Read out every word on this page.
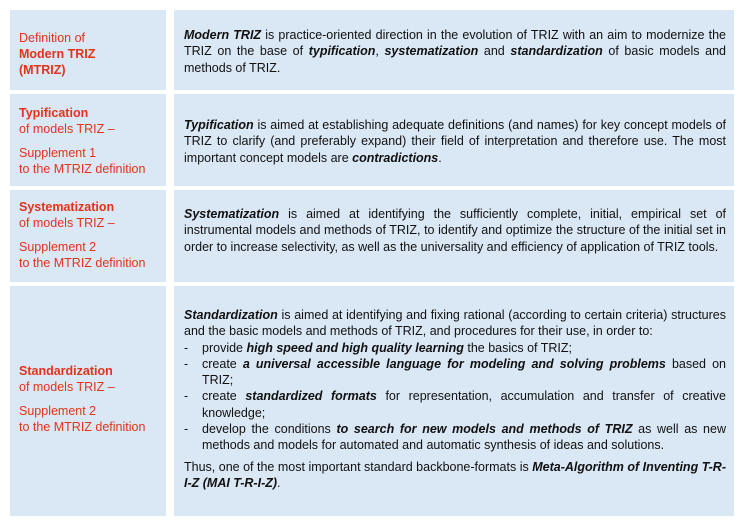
Definition of
Modern TRIZ
(MTRIZ)
Modern TRIZ is practice-oriented direction in the evolution of TRIZ with an aim to modernize the TRIZ on the base of typification, systematization and standardization of basic models and methods of TRIZ.
Typification
of models TRIZ –
Supplement 1
to the MTRIZ definition
Typification is aimed at establishing adequate definitions (and names) for key concept models of TRIZ to clarify (and preferably expand) their field of interpretation and therefore use. The most important concept models are contradictions.
Systematization
of models TRIZ –
Supplement 2
to the MTRIZ definition
Systematization is aimed at identifying the sufficiently complete, initial, empirical set of instrumental models and methods of TRIZ, to identify and optimize the structure of the initial set in order to increase selectivity, as well as the universality and efficiency of application of TRIZ tools.
Standardization
of models TRIZ –
Supplement 2
to the MTRIZ definition
Standardization is aimed at identifying and fixing rational (according to certain criteria) structures and the basic models and methods of TRIZ, and procedures for their use, in order to:
- provide high speed and high quality learning the basics of TRIZ;
- create a universal accessible language for modeling and solving problems based on TRIZ;
- create standardized formats for representation, accumulation and transfer of creative knowledge;
- develop the conditions to search for new models and methods of TRIZ as well as new methods and models for automated and automatic synthesis of ideas and solutions.
Thus, one of the most important standard backbone-formats is Meta-Algorithm of Inventing T-R-I-Z (MAI T-R-I-Z).
